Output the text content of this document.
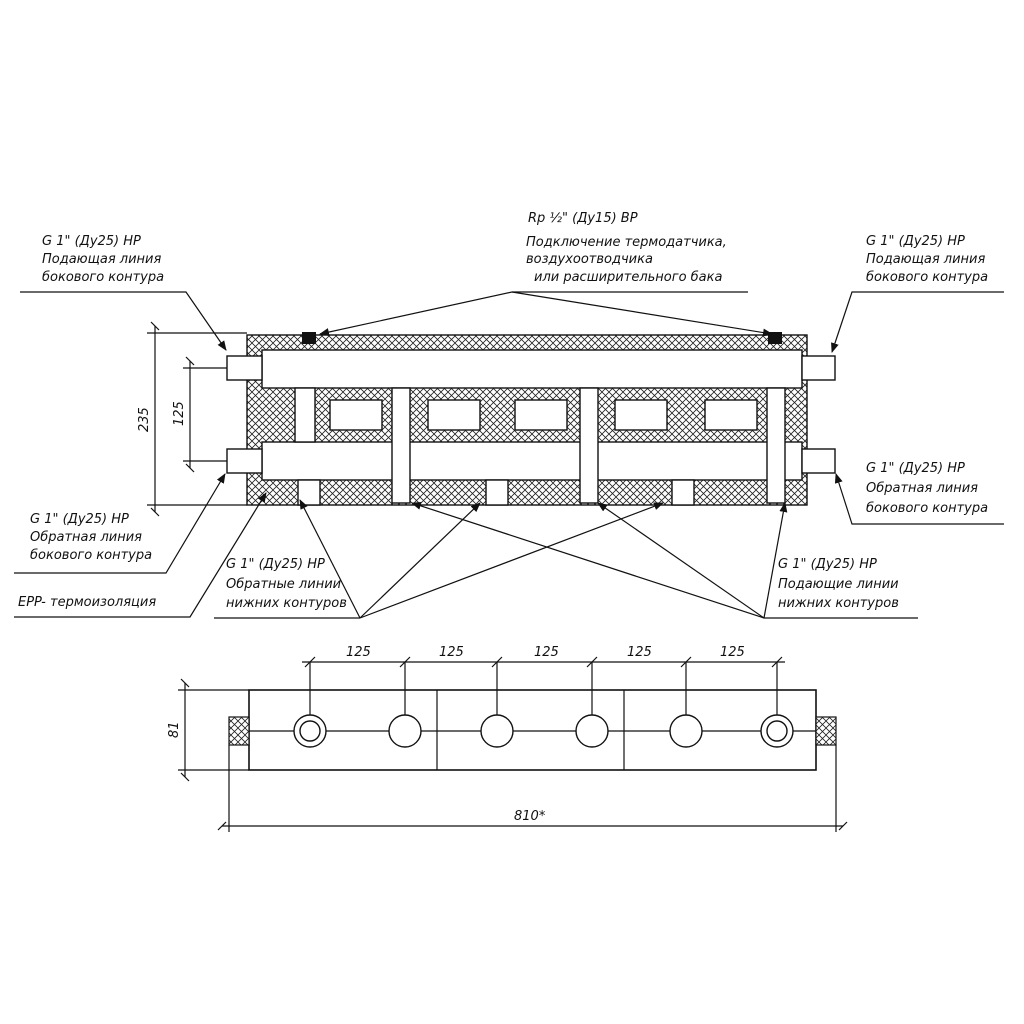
235 125
Rp ½" (Ду15) ВР
Подключение термодатчика,
воздухоотводчика
или расширительного бака
G 1" (Ду25) НР
Подающая линия
бокового контура
G 1" (Ду25) НР
Подающая линия
бокового контура
G 1" (Ду25) НР
Обратная линия
бокового контура
G 1" (Ду25) НР
Обратная линия
бокового контура
EPP- термоизоляция
G 1" (Ду25) НР
Обратные линии
нижних контуров
G 1" (Ду25) НР
Подающие линии
нижних контуров
125	125	125	125	125
81
810*
